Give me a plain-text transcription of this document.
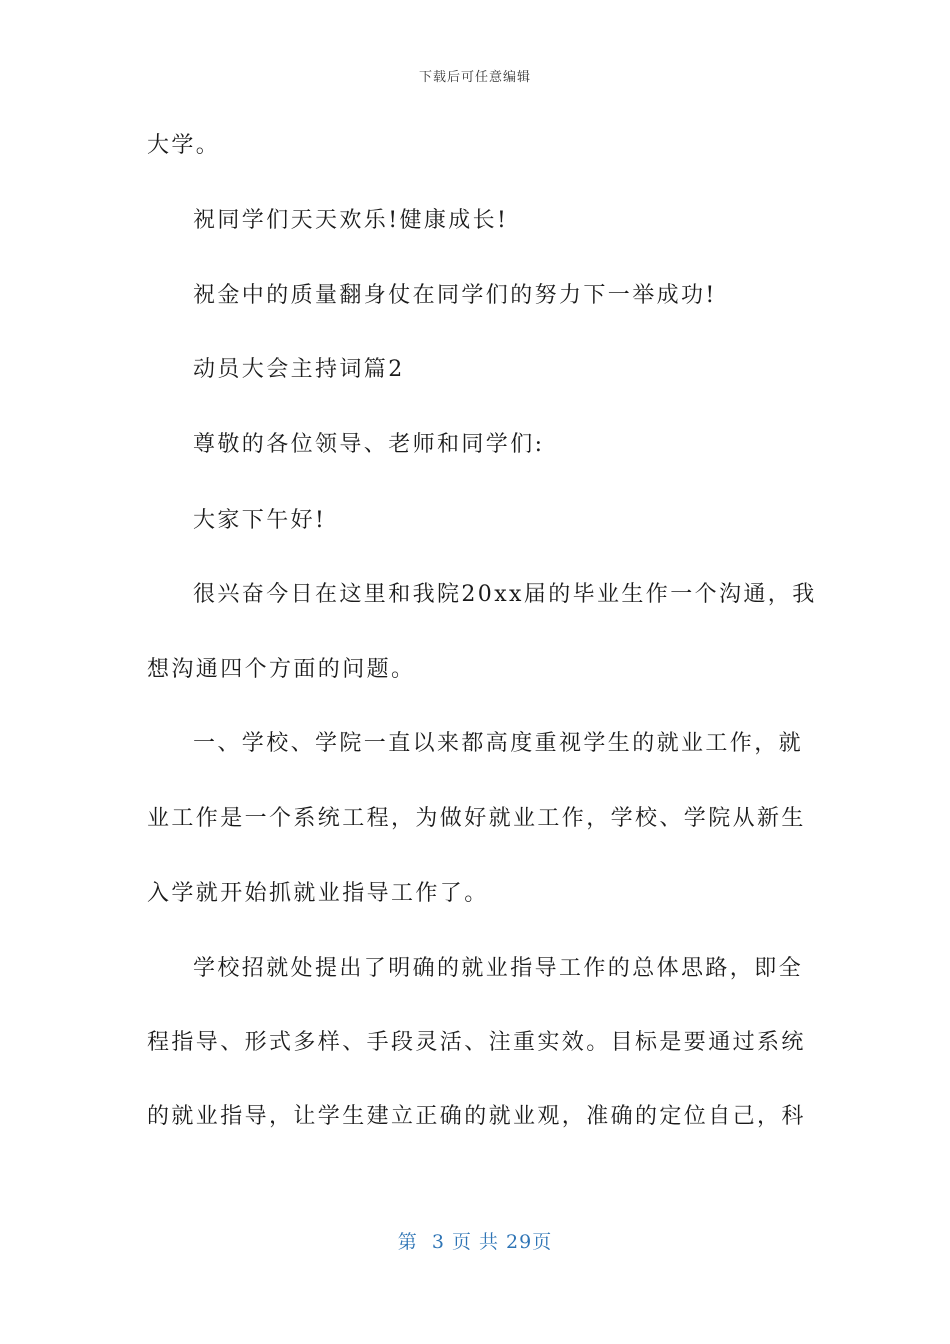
下载后可任意编辑
大学。
祝同学们天天欢乐!健康成长!
祝金中的质量翻身仗在同学们的努力下一举成功!
动员大会主持词篇2
尊敬的各位领导、老师和同学们:
大家下午好!
很兴奋今日在这里和我院20xx届的毕业生作一个沟通，我
想沟通四个方面的问题。
一、学校、学院一直以来都高度重视学生的就业工作，就
业工作是一个系统工程，为做好就业工作，学校、学院从新生
入学就开始抓就业指导工作了。
学校招就处提出了明确的就业指导工作的总体思路，即全
程指导、形式多样、手段灵活、注重实效。目标是要通过系统
的就业指导，让学生建立正确的就业观，准确的定位自己，科
第  3 页 共 29页
